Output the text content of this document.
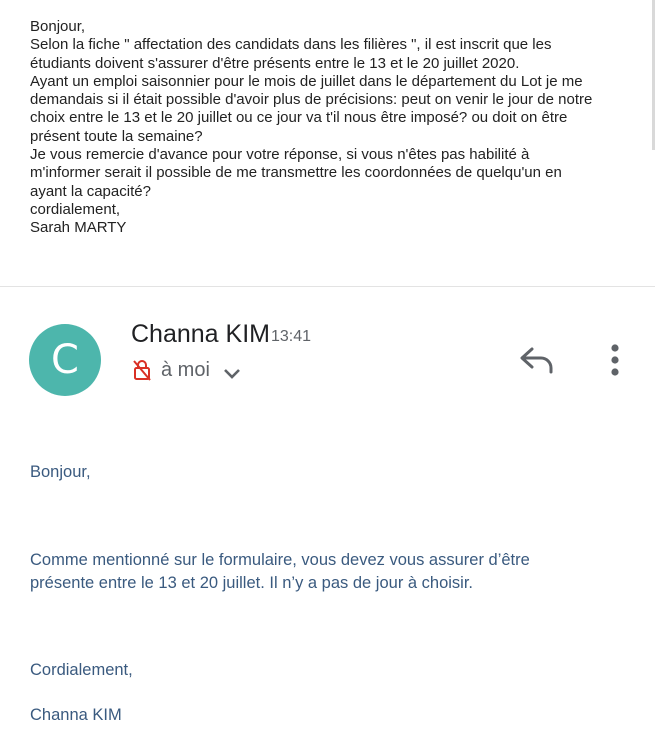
Bonjour,
Selon la fiche " affectation des candidats dans les filières ", il est inscrit que les
étudiants doivent s'assurer d'être présents entre le 13 et le 20 juillet 2020.
Ayant un emploi saisonnier pour le mois de juillet dans le département du Lot je me
demandais si il était possible d'avoir plus de précisions: peut on venir le jour de notre
choix entre le 13 et le 20 juillet ou ce jour va t'il nous être imposé? ou doit on être
présent toute la semaine?
Je vous remercie d'avance pour votre réponse, si vous n'êtes pas habilité à
m'informer serait il possible de me transmettre les coordonnées de quelqu'un en
ayant la capacité?
cordialement,
Sarah MARTY
C
Channa KIM 13:41
à moi
Bonjour,
Comme mentionné sur le formulaire, vous devez vous assurer d’être
présente entre le 13 et 20 juillet. Il n’y a pas de jour à choisir.
Cordialement,
Channa KIM
